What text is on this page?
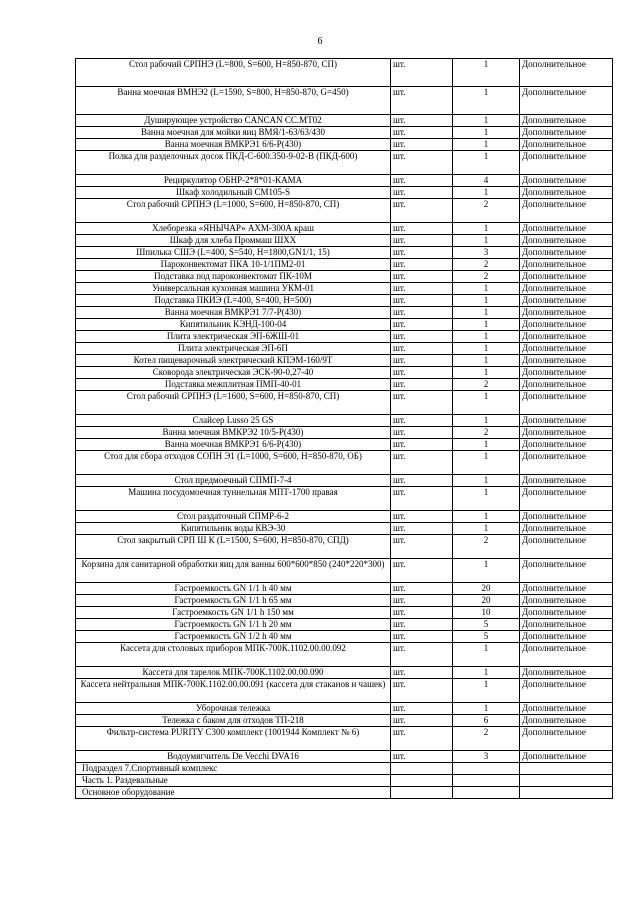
6
Стол рабочий СРПНЭ (L=800, S=600, H=850-870, СП)	шт.	1	Дополнительное
Ванна моечная ВМНЭ2 (L=1590, S=800, H=850-870, G=450)	шт.	1	Дополнительное
Душирующее устройство CANCAN CC.MT02	шт.	1	Дополнительное
Ванна моечная для мойки яиц ВМЯ/1-63/63/430	шт.	1	Дополнительное
Ванна моечная ВМКРЭ1 6/6-Р(430)	шт.	1	Дополнительное
Полка для разделочных досок ПКД-С-600.350-9-02-В (ПКД-600)	шт.	1	Дополнительное
Рециркулятор ОБНР-2*8*01-КАМА	шт.	4	Дополнительное
Шкаф холодильный СМ105-S	шт.	1	Дополнительное
Стол рабочий СРПНЭ (L=1000, S=600, H=850-870, СП)	шт.	2	Дополнительное
Хлеборезка «ЯНЫЧАР» АХМ-300А краш	шт.	1	Дополнительное
Шкаф для хлеба Проммаш ШХХ	шт.	1	Дополнительное
Шпилька СШЭ (L=400, S=540, H=1800,GN1/1, 15)	шт.	3	Дополнительное
Пароконвектомат ПКА 10-1/1ПМ2-01	шт.	2	Дополнительное
Подставка под пароконвектомат ПК-10М	шт.	2	Дополнительное
Универсальная кухонная машина УКМ-01	шт.	1	Дополнительное
Подставка ПКИЭ (L=400, S=400, H=500)	шт.	1	Дополнительное
Ванна моечная ВМКРЭ1 7/7-Р(430)	шт.	1	Дополнительное
Кипятильник КЭНД-100-04	шт.	1	Дополнительное
Плита электрическая ЭП-6ЖШ-01	шт.	1	Дополнительное
Плита электрическая ЭП-6П	шт.	1	Дополнительное
Котел пищеварочный электрический КПЭМ-160/9Т	шт.	1	Дополнительное
Сковорода электрическая ЭСК-90-0,27-40	шт.	1	Дополнительное
Подставка межплитная ПМП-40-01	шт.	2	Дополнительное
Стол рабочий СРПНЭ (L=1600, S=600, H=850-870, СП)	шт.	1	Дополнительное
Слайсер Lusso 25 GS	шт.	1	Дополнительное
Ванна моечная ВМКРЭ2 10/5-Р(430)	шт.	2	Дополнительное
Ванна моечная ВМКРЭ1 6/6-Р(430)	шт.	1	Дополнительное
Стол для сбора отходов СОПН Э1 (L=1000, S=600, H=850-870, ОБ)	шт.	1	Дополнительное
Стол предмоечный СПМП-7-4	шт.	1	Дополнительное
Машина посудомоечная туннельная МПТ-1700 правая	шт.	1	Дополнительное
Стол раздаточный СПМР-6-2	шт.	1	Дополнительное
Кипятильник воды КВЭ-30	шт.	1	Дополнительное
Стол закрытый СРП Ш К (L=1500, S=600, H=850-870, СПД)	шт.	2	Дополнительное
Корзина для санитарной обработки яиц для ванны 600*600*850 (240*220*300)	шт.	1	Дополнительное
Гастроемкость GN 1/1 h 40 мм	шт.	20	Дополнительное
Гастроемкость GN 1/1 h 65 мм	шт.	20	Дополнительное
Гастроемкость GN 1/1 h 150 мм	шт.	10	Дополнительное
Гастроемкость GN 1/1 h 20 мм	шт.	5	Дополнительное
Гастроемкость GN 1/2 h 40 мм	шт.	5	Дополнительное
Кассета для столовых приборов МПК-700К.1102.00.00.092	шт.	1	Дополнительное
Кассета для тарелок МПК-700К.1102.00.00.090	шт.	1	Дополнительное
Кассета нейтральная МПК-700К.1102.00.00.091 (кассета для стаканов и чашек)	шт.	1	Дополнительное
Уборочная тележка	шт.	1	Дополнительное
Тележка с баком для отходов ТП-218	шт.	6	Дополнительное
Фильтр-система PURITY C300 комплект (1001944 Комплект № 6)	шт.	2	Дополнительное
Водоумягчитель De Vecchi DVA16	шт.	3	Дополнительное
Подраздел 7.Спортивный комплекс			
Часть 1. Раздевальные			
Основное оборудование			
